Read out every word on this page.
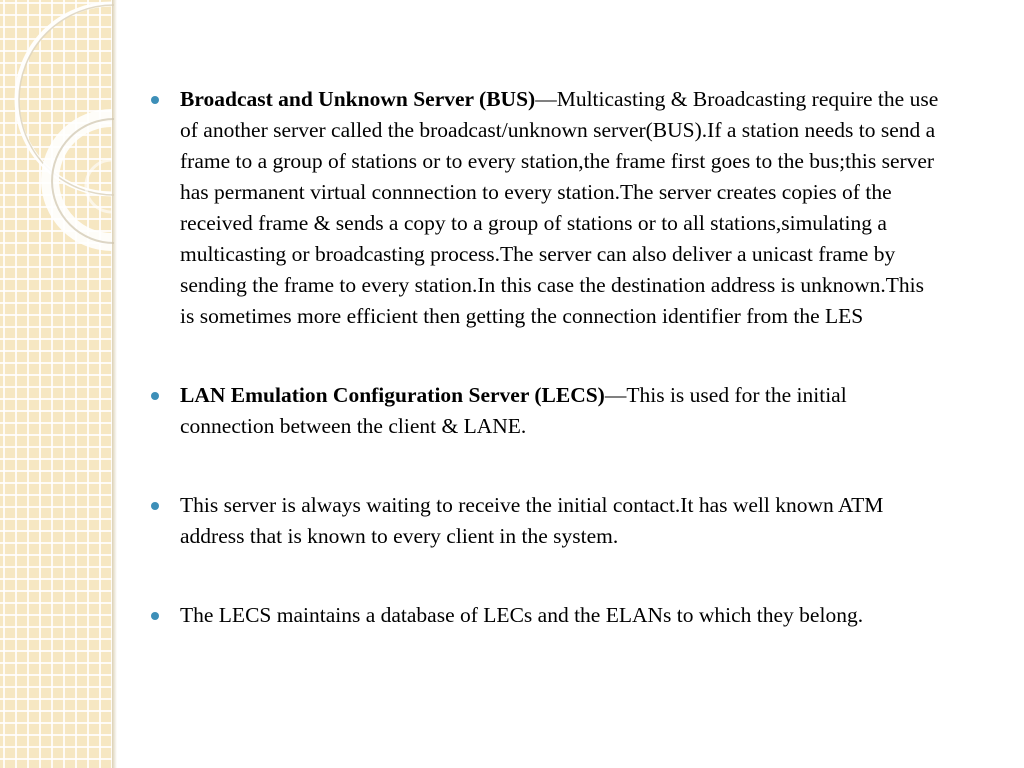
Broadcast and Unknown Server (BUS)—Multicasting & Broadcasting require the use of another server called the broadcast/unknown server(BUS).If a station needs to send a frame to a group of stations or to every station,the frame first goes to the bus;this server has permanent virtual connnection to every station.The server creates copies of the received frame & sends a copy to a group of stations or to all stations,simulating a multicasting or broadcasting process.The server can also deliver a unicast frame by sending the frame to every station.In this case the destination address is unknown.This is sometimes more efficient then getting the connection identifier from the LES
LAN Emulation Configuration Server (LECS)—This is used for the initial connection between the client & LANE.
This server is always waiting to receive the initial contact.It has well known ATM address that is known to every client in the system.
The LECS maintains a database of LECs and the ELANs to which they belong.
